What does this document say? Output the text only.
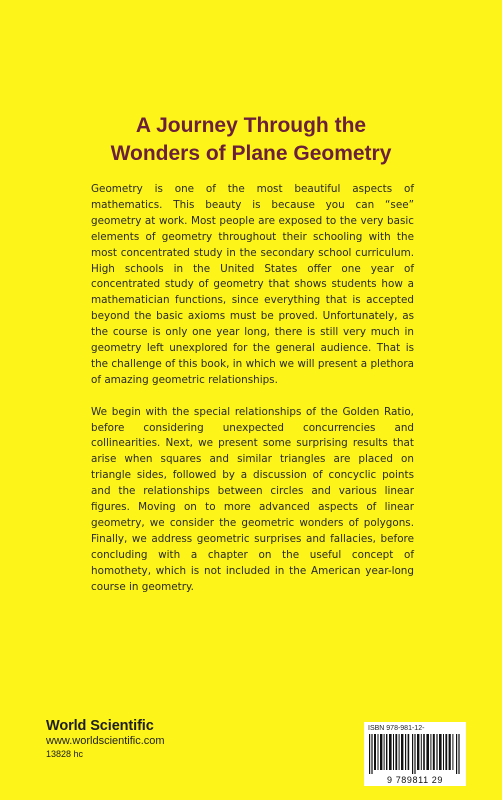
A Journey Through the
Wonders of Plane Geometry

Geometry is one of the most beautiful aspects of mathematics. This beauty is because you can “see” geometry at work. Most people are exposed to the very basic elements of geometry throughout their schooling with the most concentrated study in the secondary school curriculum. High schools in the United States offer one year of concentrated study of geometry that shows students how a mathematician functions, since everything that is accepted beyond the basic axioms must be proved. Unfortunately, as the course is only one year long, there is still very much in geometry left unexplored for the general audience. That is the challenge of this book, in which we will present a plethora of amazing geometric relationships.

We begin with the special relationships of the Golden Ratio, before considering unexpected concurrencies and collinearities. Next, we present some surprising results that arise when squares and similar triangles are placed on triangle sides, followed by a discussion of concyclic points and the relationships between circles and various linear figures. Moving on to more advanced aspects of linear geometry, we consider the geometric wonders of polygons. Finally, we address geometric surprises and fallacies, before concluding with a chapter on the useful concept of homothety, which is not included in the American year-long course in geometry.

World Scientific
www.worldscientific.com
13828 hc
ISBN 978-981-12-
9 789811 29
